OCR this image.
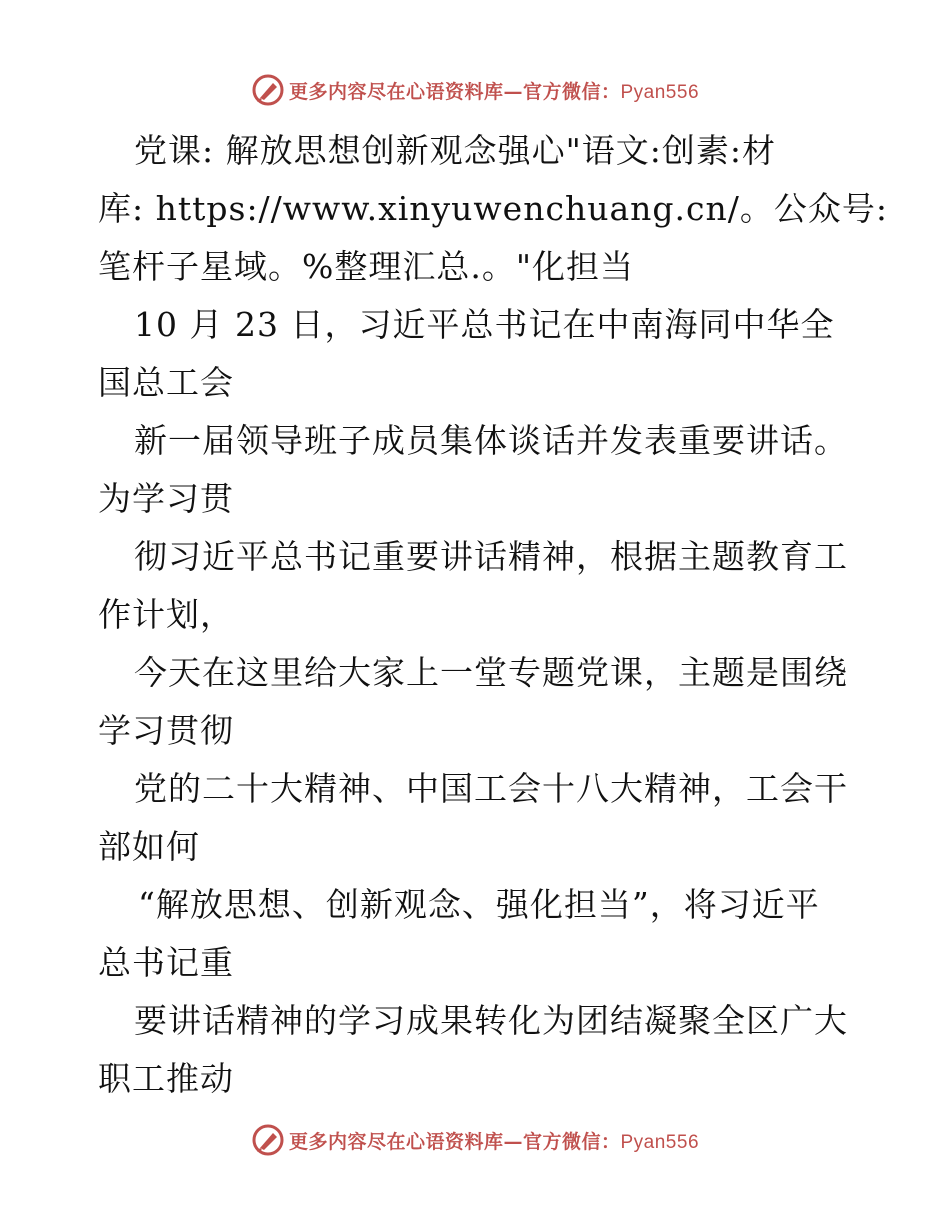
更多内容尽在心语资料库—官方微信：Pyan556
党课: 解放思想创新观念强心"语文:创素:材
库: https://www.xinyuwenchuang.cn/。公众号:
笔杆子星域。%整理汇总.。"化担当
10 月 23 日，习近平总书记在中南海同中华全
国总工会
新一届领导班子成员集体谈话并发表重要讲话。
为学习贯
彻习近平总书记重要讲话精神，根据主题教育工
作计划，
今天在这里给大家上一堂专题党课，主题是围绕
学习贯彻
党的二十大精神、中国工会十八大精神，工会干
部如何
“解放思想、创新观念、强化担当”，将习近平
总书记重
要讲话精神的学习成果转化为团结凝聚全区广大
职工推动
更多内容尽在心语资料库—官方微信：Pyan556
